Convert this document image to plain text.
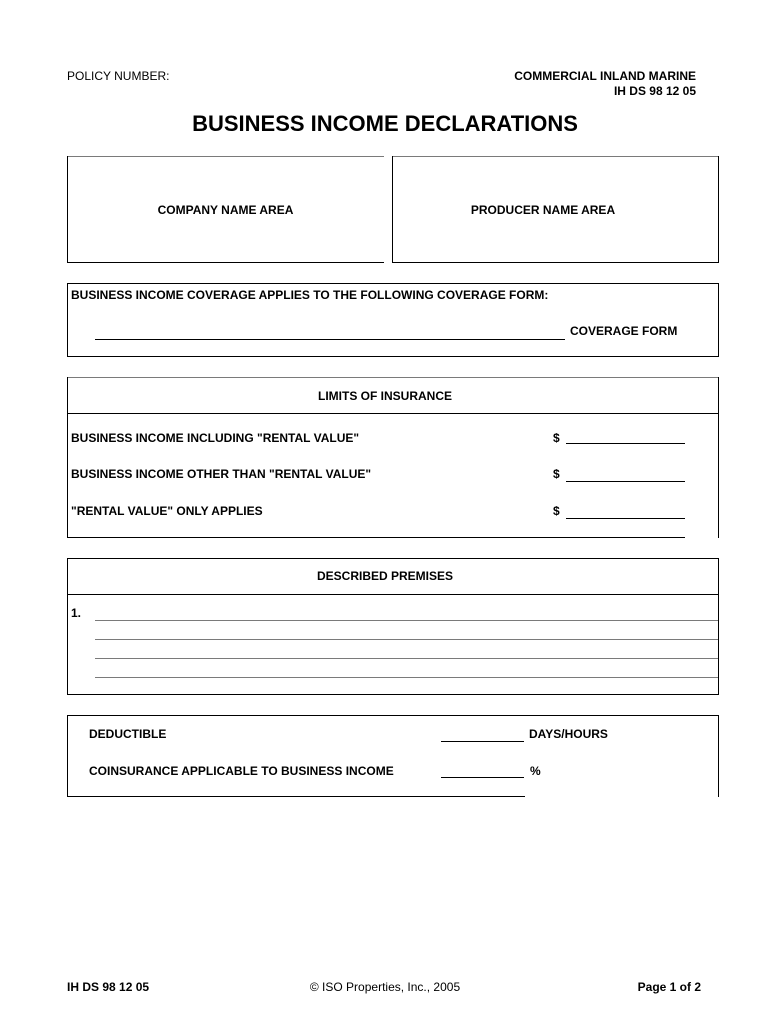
POLICY NUMBER:	COMMERCIAL INLAND MARINE
IH DS 98 12 05
BUSINESS INCOME DECLARATIONS
COMPANY NAME AREA	PRODUCER NAME AREA
BUSINESS INCOME COVERAGE APPLIES TO THE FOLLOWING COVERAGE FORM:
COVERAGE FORM
LIMITS OF INSURANCE
BUSINESS INCOME INCLUDING "RENTAL VALUE"	$
BUSINESS INCOME OTHER THAN "RENTAL VALUE"	$
"RENTAL VALUE" ONLY APPLIES	$
DESCRIBED PREMISES
1.
DEDUCTIBLE	DAYS/HOURS
COINSURANCE APPLICABLE TO BUSINESS INCOME	%
IH DS 98 12 05	© ISO Properties, Inc., 2005	Page 1 of 2
